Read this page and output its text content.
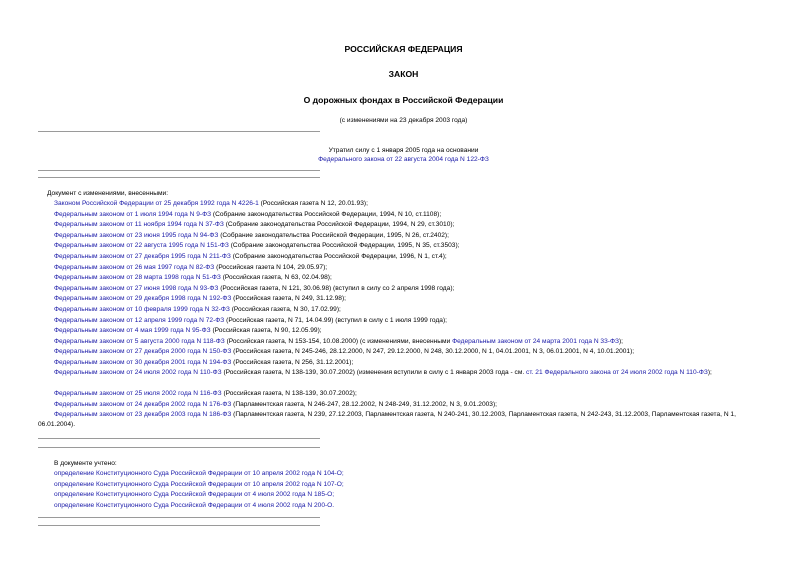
РОССИЙСКАЯ ФЕДЕРАЦИЯ
ЗАКОН
О дорожных фондах в Российской Федерации
(с изменениями на 23 декабря 2003 года)
Утратил силу с 1 января 2005 года на основании
Федерального закона от 22 августа 2004 года N 122-ФЗ
Документ с изменениями, внесенными:
Законом Российской Федерации от 25 декабря 1992 года N 4226-1 (Российская газета N 12, 20.01.93);
Федеральным законом от 1 июля 1994 года N 9-ФЗ (Собрание законодательства Российской Федерации, 1994, N 10, ст.1108);
Федеральным законом от 11 ноября 1994 года N 37-ФЗ (Собрание законодательства Российской Федерации, 1994, N 29, ст.3010);
Федеральным законом от 23 июня 1995 года N 94-ФЗ (Собрание законодательства Российской Федерации, 1995, N 26, ст.2402);
Федеральным законом от 22 августа 1995 года N 151-ФЗ (Собрание законодательства Российской Федерации, 1995, N 35, ст.3503);
Федеральным законом от 27 декабря 1995 года N 211-ФЗ (Собрание законодательства Российской Федерации, 1996, N 1, ст.4);
Федеральным законом от 26 мая 1997 года N 82-ФЗ (Российская газета N 104, 29.05.97);
Федеральным законом от 28 марта 1998 года N 51-ФЗ (Российская газета, N 63, 02.04.98);
Федеральным законом от 27 июня 1998 года N 93-ФЗ (Российская газета, N 121, 30.06.98) (вступил в силу со 2 апреля 1998 года);
Федеральным законом от 29 декабря 1998 года N 192-ФЗ (Российская газета, N 249, 31.12.98);
Федеральным законом от 10 февраля 1999 года N 32-ФЗ (Российская газета, N 30, 17.02.99);
Федеральным законом от 12 апреля 1999 года N 72-ФЗ (Российская газета, N 71, 14.04.99) (вступил в силу с 1 июля 1999 года);
Федеральным законом от 4 мая 1999 года N 95-ФЗ (Российская газета, N 90, 12.05.99);
Федеральным законом от 5 августа 2000 года N 118-ФЗ (Российская газета, N 153-154, 10.08.2000) (с изменениями, внесенными Федеральным законом от 24 марта 2001 года N 33-ФЗ);
Федеральным законом от 27 декабря 2000 года N 150-ФЗ (Российская газета, N 245-246, 28.12.2000, N 247, 29.12.2000, N 248, 30.12.2000, N 1, 04.01.2001, N 3, 06.01.2001, N 4, 10.01.2001);
Федеральным законом от 30 декабря 2001 года N 194-ФЗ (Российская газета, N 256, 31.12.2001);
Федеральным законом от 24 июля 2002 года N 110-ФЗ (Российская газета, N 138-139, 30.07.2002) (изменения вступили в силу с 1 января 2003 года - см. ст. 21 Федерального закона от 24 июля 2002 года N 110-ФЗ);
Федеральным законом от 25 июля 2002 года N 116-ФЗ (Российская газета, N 138-139, 30.07.2002);
Федеральным законом от 24 декабря 2002 года N 176-ФЗ (Парламентская газета, N 246-247, 28.12.2002, N 248-249, 31.12.2002, N 3, 9.01.2003);
Федеральным законом от 23 декабря 2003 года N 186-ФЗ (Парламентская газета, N 239, 27.12.2003, Парламентская газета, N 240-241, 30.12.2003, Парламентская газета, N 242-243, 31.12.2003, Парламентская газета, N 1, 06.01.2004).
В документе учтено:
определение Конституционного Суда Российской Федерации от 10 апреля 2002 года N 104-О;
определение Конституционного Суда Российской Федерации от 10 апреля 2002 года N 107-О;
определение Конституционного Суда Российской Федерации от 4 июля 2002 года N 185-О;
определение Конституционного Суда Российской Федерации от 4 июля 2002 года N 200-О.
